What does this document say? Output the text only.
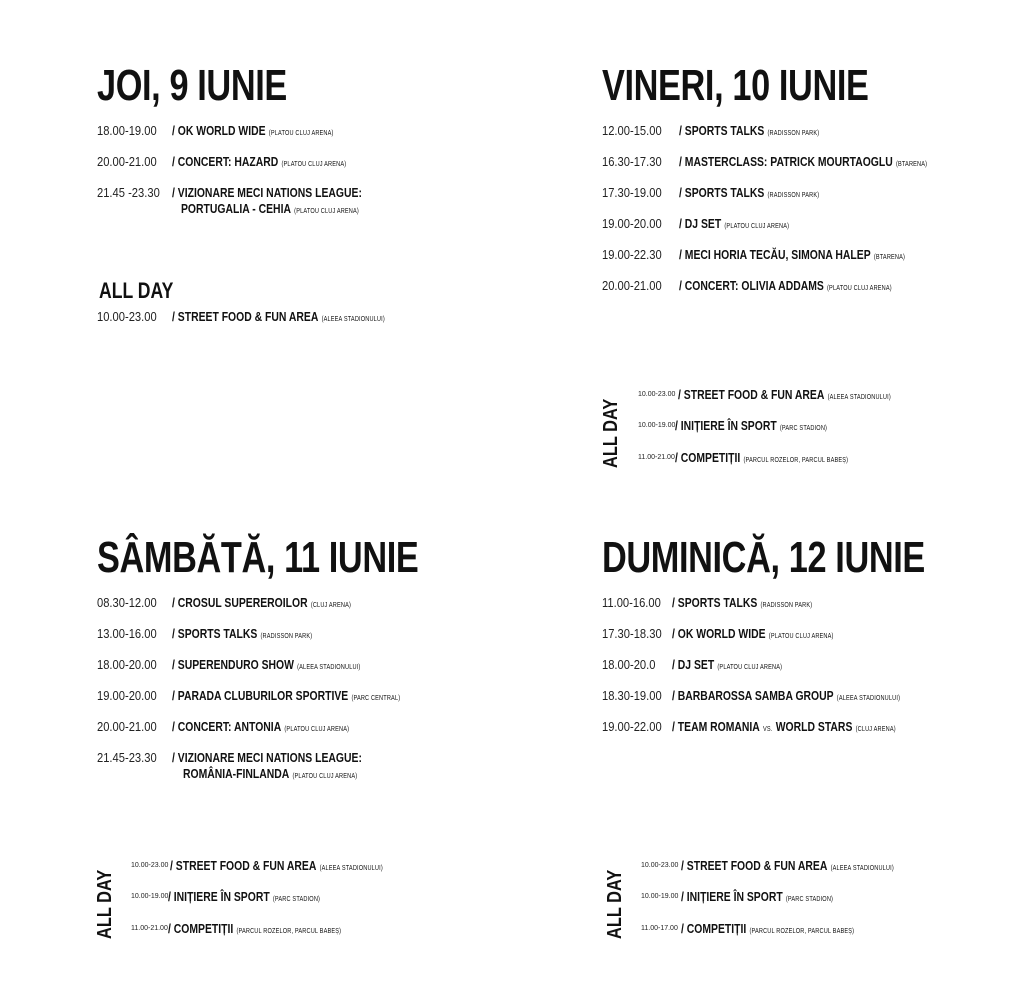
JOI, 9 IUNIE
18.00-19.00 / OK WORLD WIDE (PLATOU CLUJ ARENA)
20.00-21.00 / CONCERT: HAZARD (PLATOU CLUJ ARENA)
21.45 -23.30 / VIZIONARE MECI NATIONS LEAGUE:
PORTUGALIA - CEHIA (PLATOU CLUJ ARENA)
ALL DAY
10.00-23.00 / STREET FOOD & FUN AREA (ALEEA STADIONULUI)
VINERI, 10 IUNIE
12.00-15.00 / SPORTS TALKS (RADISSON PARK)
16.30-17.30 / MASTERCLASS: PATRICK MOURTAOGLU (BTARENA)
17.30-19.00 / SPORTS TALKS (RADISSON PARK)
19.00-20.00 / DJ SET (PLATOU CLUJ ARENA)
19.00-22.30 / MECI HORIA TECĂU, SIMONA HALEP (BTARENA)
20.00-21.00 / CONCERT: OLIVIA ADDAMS (PLATOU CLUJ ARENA)
ALL DAY
10.00-23.00 / STREET FOOD & FUN AREA (ALEEA STADIONULUI)
10.00-19.00 / INIȚIERE ÎN SPORT (PARC STADION)
11.00-21.00 / COMPETIȚII (PARCUL ROZELOR, PARCUL BABEȘ)
SÂMBĂTĂ, 11 IUNIE
08.30-12.00 / CROSUL SUPEREROILOR (CLUJ ARENA)
13.00-16.00 / SPORTS TALKS (RADISSON PARK)
18.00-20.00 / SUPERENDURO SHOW (ALEEA STADIONULUI)
19.00-20.00 / PARADA CLUBURILOR SPORTIVE (PARC CENTRAL)
20.00-21.00 / CONCERT: ANTONIA (PLATOU CLUJ ARENA)
21.45-23.30 / VIZIONARE MECI NATIONS LEAGUE:
ROMÂNIA-FINLANDA (PLATOU CLUJ ARENA)
ALL DAY
10.00-23.00 / STREET FOOD & FUN AREA (ALEEA STADIONULUI)
10.00-19.00 / INIȚIERE ÎN SPORT (PARC STADION)
11.00-21.00 / COMPETIȚII (PARCUL ROZELOR, PARCUL BABEȘ)
DUMINICĂ, 12 IUNIE
11.00-16.00 / SPORTS TALKS (RADISSON PARK)
17.30-18.30 / OK WORLD WIDE (PLATOU CLUJ ARENA)
18.00-20.0 / DJ SET (PLATOU CLUJ ARENA)
18.30-19.00 / BARBAROSSA SAMBA GROUP (ALEEA STADIONULUI)
19.00-22.00 / TEAM ROMANIA VS. WORLD STARS (CLUJ ARENA)
ALL DAY
10.00-23.00 / STREET FOOD & FUN AREA (ALEEA STADIONULUI)
10.00-19.00 / INIȚIERE ÎN SPORT (PARC STADION)
11.00-17.00 / COMPETIȚII (PARCUL ROZELOR, PARCUL BABEȘ)
